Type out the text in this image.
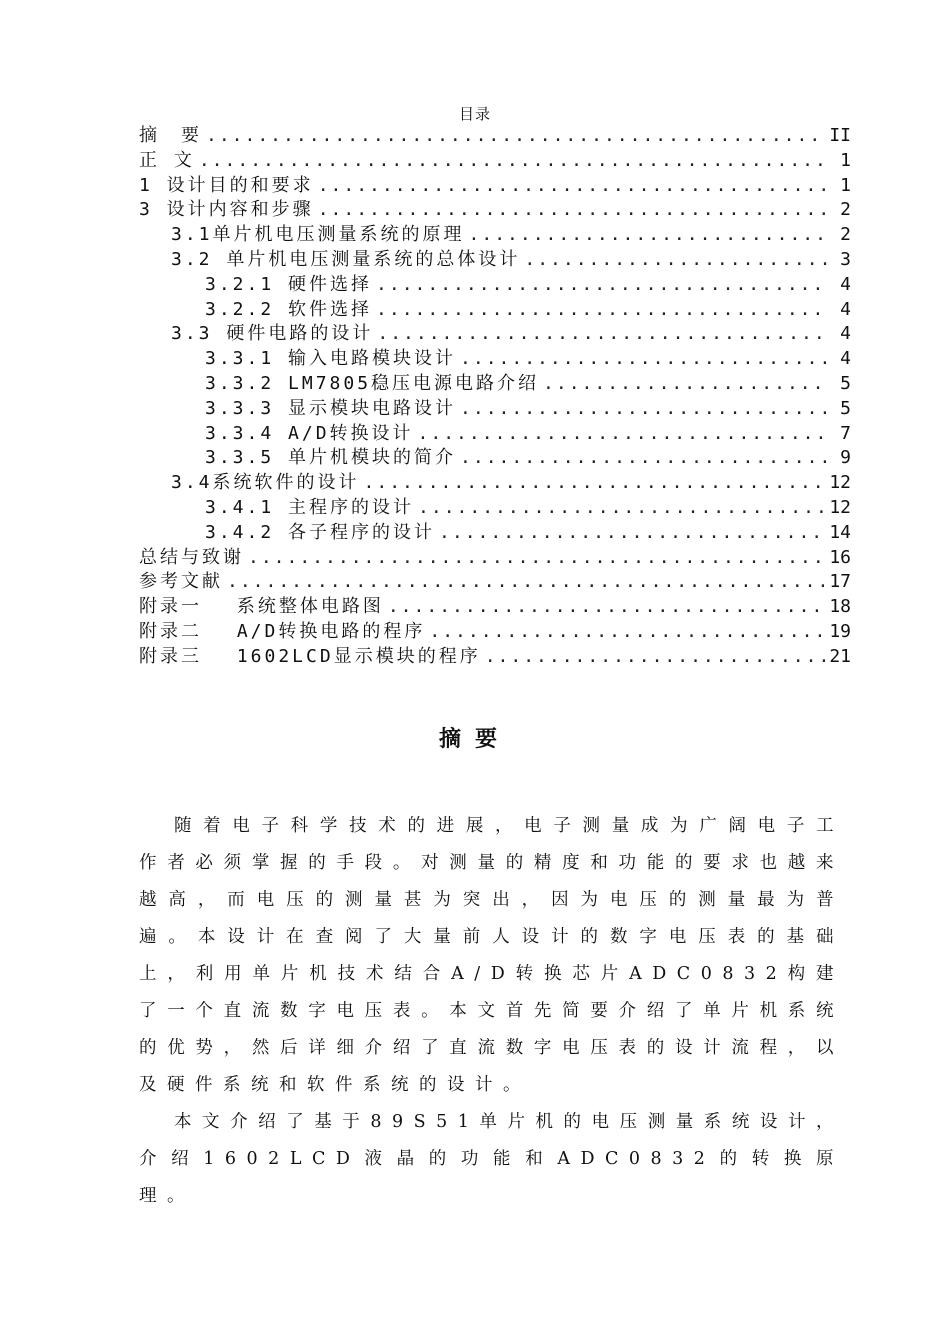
目录
摘　要 .....	II
正 文 .....	1
1 设计目的和要求 .....	1
3 设计内容和步骤 .....	2
3.1单片机电压测量系统的原理 .....	2
3.2 单片机电压测量系统的总体设计 .....	3
3.2.1 硬件选择 .....	4
3.2.2 软件选择 .....	4
3.3 硬件电路的设计 .....	4
3.3.1 输入电路模块设计 .....	4
3.3.2 LM7805稳压电源电路介绍 .....	5
3.3.3 显示模块电路设计 .....	5
3.3.4 A/D转换设计 .....	7
3.3.5 单片机模块的简介 .....	9
3.4系统软件的设计 .....	12
3.4.1 主程序的设计 .....	12
3.4.2 各子程序的设计 .....	14
总结与致谢 .....	16
参考文献 .....	17
附录一　 系统整体电路图 .....	18
附录二　 A/D转换电路的程序 .....	19
附录三　 1602LCD显示模块的程序 .....	21
摘要

随着电子科学技术的进展，电子测量成为广阔电子工作者必须掌握的手段。对测量的精度和功能的要求也越来越高，而电压的测量甚为突出，因为电压的测量最为普遍。本设计在查阅了大量前人设计的数字电压表的基础上，利用单片机技术结合A/D转换芯片ADC0832构建了一个直流数字电压表。本文首先简要介绍了单片机系统的优势，然后详细介绍了直流数字电压表的设计流程，以及硬件系统和软件系统的设计。

本文介绍了基于89S51单片机的电压测量系统设计，介绍1602LCD液晶的功能和ADC0832的转换原理。
